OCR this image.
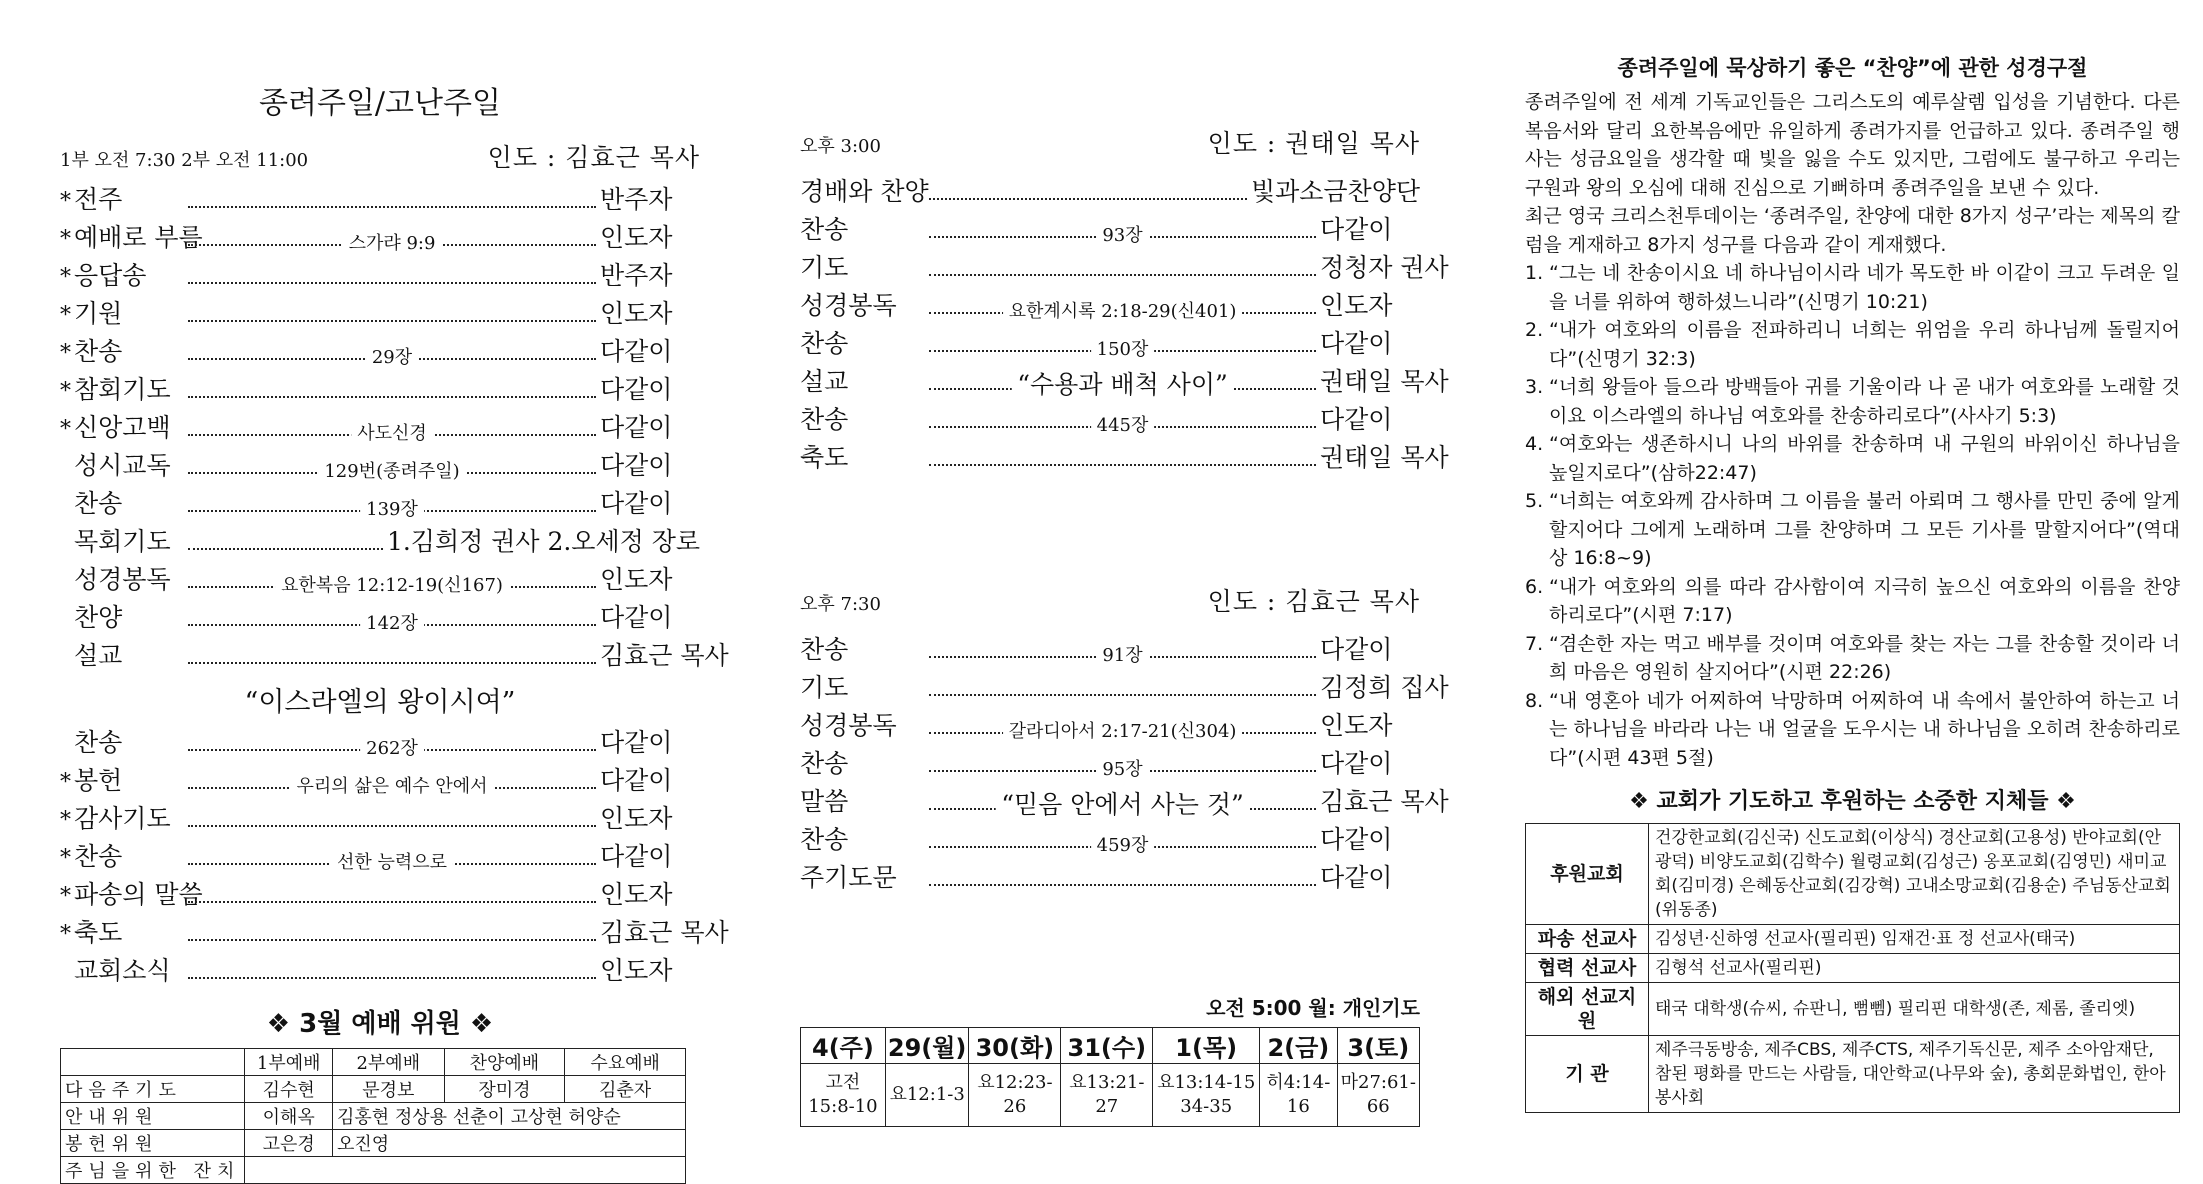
종려주일/고난주일
1부 오전 7:30 2부 오전 11:00	인도 : 김효근 목사
* 전주	반주자
* 예배로 부름	스가랴 9:9	인도자
* 응답송	반주자
* 기원	인도자
* 찬송	29장	다같이
* 참회기도	다같이
* 신앙고백	사도신경	다같이
성시교독	129번(종려주일)	다같이
찬송	139장	다같이
목회기도	1.김희정 권사 2.오세정 장로
성경봉독	요한복음 12:12-19(신167)	인도자
찬양	142장	다같이
설교	김효근 목사
“이스라엘의 왕이시여”
찬송	262장	다같이
* 봉헌	우리의 삶은 예수 안에서	다같이
* 감사기도	인도자
* 찬송	선한 능력으로	다같이
* 파송의 말씀	인도자
* 축도	김효근 목사
교회소식	인도자
❖ 3월 예배 위원 ❖
	1부예배	2부예배	찬양예배	수요예배
다음주기도	김수현	문경보	장미경	김춘자
안내위원	이해옥	김홍현 정상용 선춘이 고상현 허양순		
봉헌위원	고은경	오진영		
주님을위한 잔치				
오후 3:00	인도 : 권태일 목사
경배와 찬양	빛과소금찬양단
찬송	93장	다같이
기도	정청자 권사
성경봉독	요한계시록 2:18-29(신401)	인도자
찬송	150장	다같이
설교	“수용과 배척 사이”	권태일 목사
찬송	445장	다같이
축도	권태일 목사
오후 7:30	인도 : 김효근 목사
찬송	91장	다같이
기도	김정희 집사
성경봉독	갈라디아서 2:17-21(신304)	인도자
찬송	95장	다같이
말씀	“믿음 안에서 사는 것”	김효근 목사
찬송	459장	다같이
주기도문	다같이
오전 5:00 월: 개인기도
4(주)	29(월)	30(화)	31(수)	1(목)	2(금)	3(토)
고전15:8-10	요12:1-3	요12:23-26	요13:21-27	요13:14-15 34-35	히4:14-16	마27:61-66
종려주일에 묵상하기 좋은 “찬양”에 관한 성경구절
종려주일에 전 세계 기독교인들은 그리스도의 예루살렘 입성을 기념한다. 다른 복음서와 달리 요한복음에만 유일하게 종려가지를 언급하고 있다. 종려주일 행사는 성금요일을 생각할 때 빛을 잃을 수도 있지만, 그럼에도 불구하고 우리는 구원과 왕의 오심에 대해 진심으로 기뻐하며 종려주일을 보낸 수 있다.
최근 영국 크리스천투데이는 ‘종려주일, 찬양에 대한 8가지 성구’라는 제목의 칼럼을 게재하고 8가지 성구를 다음과 같이 게재했다.
1. “그는 네 찬송이시요 네 하나님이시라 네가 목도한 바 이같이 크고 두려운 일을 너를 위하여 행하셨느니라”(신명기 10:21)
2. “내가 여호와의 이름을 전파하리니 너희는 위엄을 우리 하나님께 돌릴지어다”(신명기 32:3)
3. “너희 왕들아 들으라 방백들아 귀를 기울이라 나 곧 내가 여호와를 노래할 것이요 이스라엘의 하나님 여호와를 찬송하리로다”(사사기 5:3)
4. “여호와는 생존하시니 나의 바위를 찬송하며 내 구원의 바위이신 하나님을 높일지로다”(삼하22:47)
5. “너희는 여호와께 감사하며 그 이름을 불러 아뢰며 그 행사를 만민 중에 알게 할지어다 그에게 노래하며 그를 찬양하며 그 모든 기사를 말할지어다”(역대상 16:8~9)
6. “내가 여호와의 의를 따라 감사함이여 지극히 높으신 여호와의 이름을 찬양하리로다”(시편 7:17)
7. “겸손한 자는 먹고 배부를 것이며 여호와를 찾는 자는 그를 찬송할 것이라 너희 마음은 영원히 살지어다”(시편 22:26)
8. “내 영혼아 네가 어찌하여 낙망하며 어찌하여 내 속에서 불안하여 하는고 너는 하나님을 바라라 나는 내 얼굴을 도우시는 내 하나님을 오히려 찬송하리로다”(시편 43편 5절)
❖ 교회가 기도하고 후원하는 소중한 지체들 ❖
후원교회	건강한교회(김신국) 신도교회(이상식) 경산교회(고용성) 반야교회(안광덕) 비양도교회(김학수) 월령교회(김성근) 옹포교회(김영민) 새미교회(김미경) 은혜동산교회(김강혁) 고내소망교회(김용순) 주님동산교회(위동종)
파송 선교사	김성년·신하영 선교사(필리핀) 임재건·표 정 선교사(태국)
협력 선교사	김형석 선교사(필리핀)
해외 선교지원	태국 대학생(슈씨, 슈판니, 뻠뻼) 필리핀 대학생(존, 제롬, 졸리엣)
기 관	제주극동방송, 제주CBS, 제주CTS, 제주기독신문, 제주 소아암재단, 참된 평화를 만드는 사람들, 대안학교(나무와 숲), 총회문화법인, 한아봉사회
